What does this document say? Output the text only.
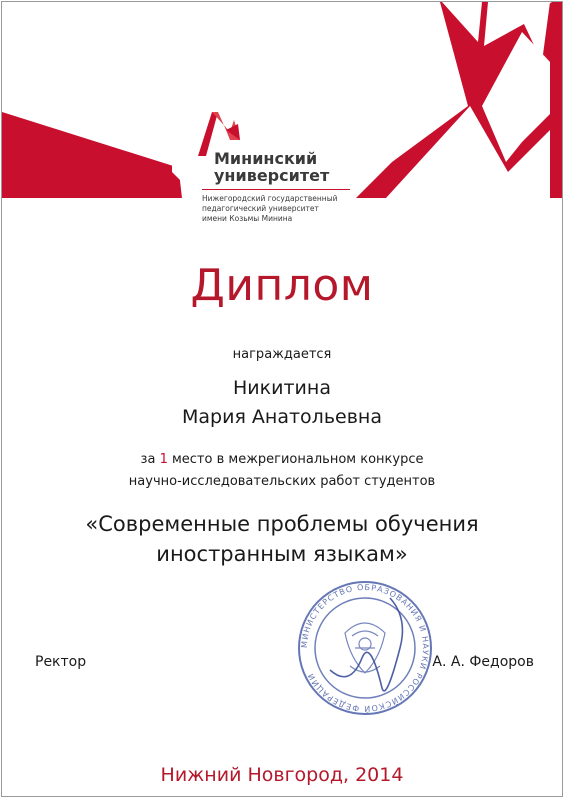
Мининский
университет
Нижегородский государственный
педагогический университет
имени Козьмы Минина
Диплом
награждается
Никитина
Мария Анатольевна
за 1 место в межрегиональном конкурсе
научно-исследовательских работ студентов
«Современные проблемы обучения
иностранным языкам»
МИНИСТЕРСТВО ОБРАЗОВАНИЯ И НАУКИ РОССИЙСКОЙ ФЕДЕРАЦИИ
Ректор	А. А. Федоров
Нижний Новгород, 2014
